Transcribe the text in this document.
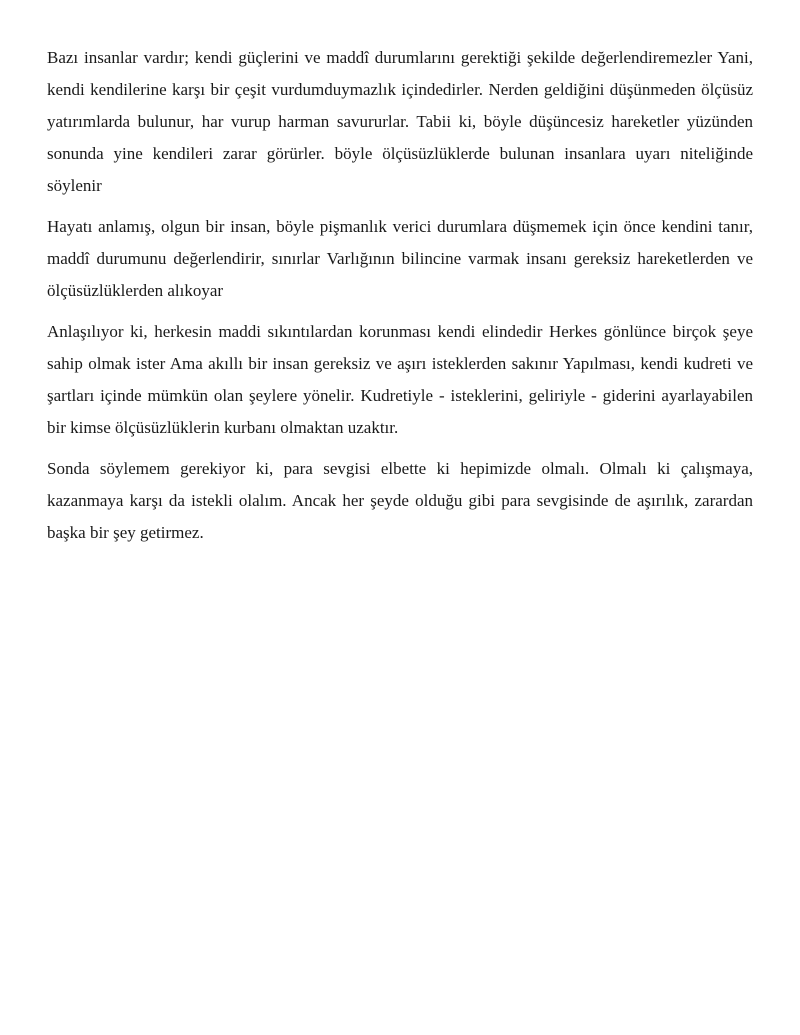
Bazı insanlar vardır; kendi güçlerini ve maddî durumlarını gerektiği şekilde değerlendiremezler Yani, kendi kendilerine karşı bir çeşit vurdumduymazlık içindedirler. Nerden geldiğini düşünmeden ölçüsüz yatırımlarda bulunur, har vurup harman savururlar. Tabii ki, böyle düşüncesiz hareketler yüzünden sonunda yine kendileri zarar görürler. böyle ölçüsüzlüklerde bulunan insanlara uyarı niteliğinde söylenir

Hayatı anlamış, olgun bir insan, böyle pişmanlık verici durumlara düşmemek için önce kendini tanır, maddî durumunu değerlendirir, sınırlar Varlığının bilincine varmak insanı gereksiz hareketlerden ve ölçüsüzlüklerden alıkoyar

Anlaşılıyor ki, herkesin maddi sıkıntılardan korunması kendi elindedir Herkes gönlünce birçok şeye sahip olmak ister Ama akıllı bir insan gereksiz ve aşırı isteklerden sakınır Yapılması, kendi kudreti ve şartları içinde mümkün olan şeylere yönelir. Kudretiyle - isteklerini, geliriyle - giderini ayarlayabilen bir kimse ölçüsüzlüklerin kurbanı olmaktan uzaktır.

Sonda söylemem gerekiyor ki, para sevgisi elbette ki hepimizde olmalı. Olmalı ki çalışmaya, kazanmaya karşı da istekli olalım. Ancak her şeyde olduğu gibi para sevgisinde de aşırılık, zarardan başka bir şey getirmez.
